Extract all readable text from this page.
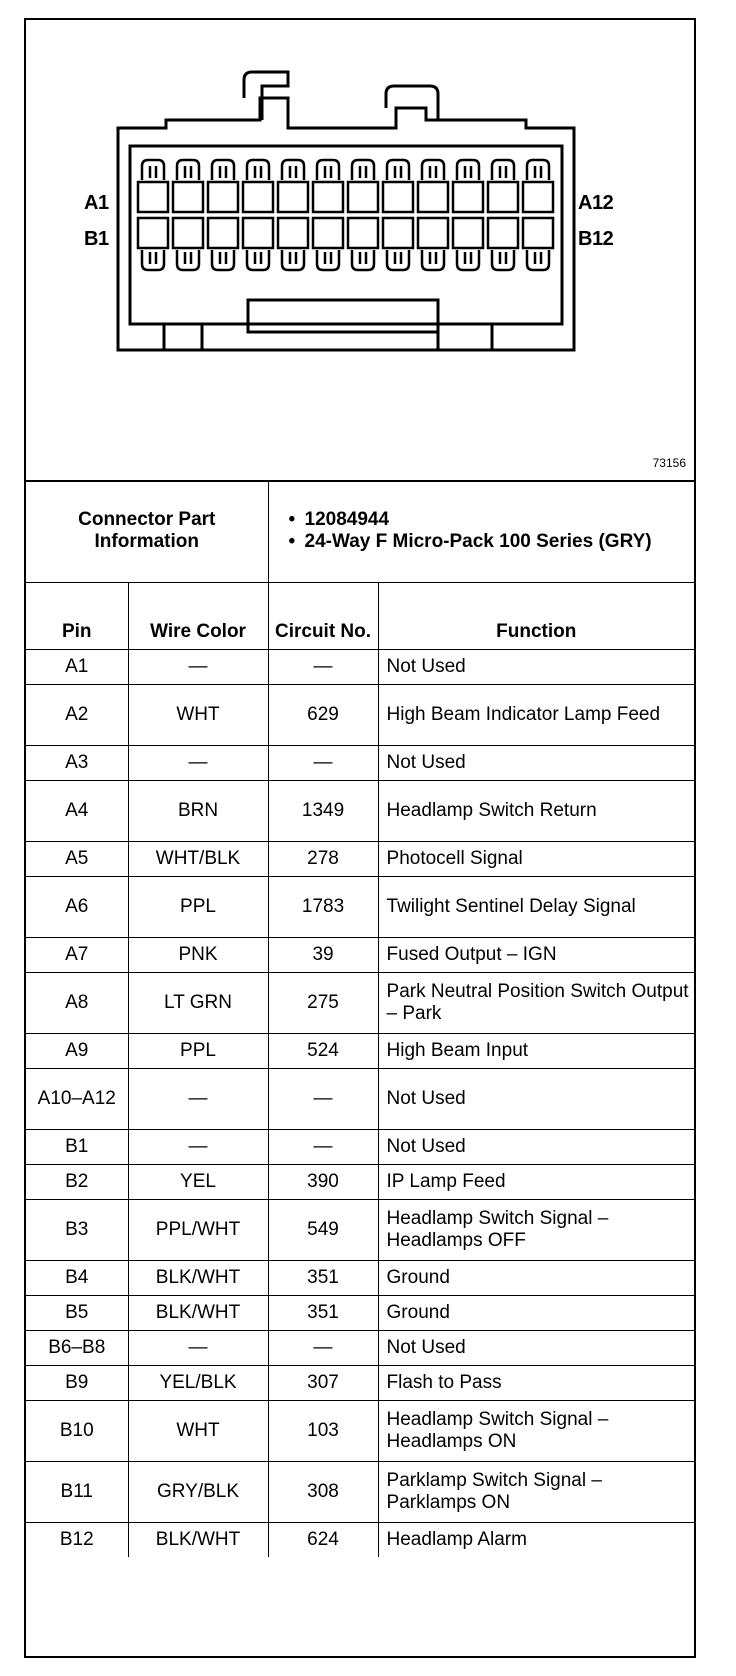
A1
B1
A12
B12
73156
Connector Part Information		• 12084944
• 24-Way F Micro-Pack 100 Series (GRY)

Pin	Wire Color	Circuit No.	Function
A1	—	—	Not Used
A2	WHT	629	High Beam Indicator Lamp Feed
A3	—	—	Not Used
A4	BRN	1349	Headlamp Switch Return
A5	WHT/BLK	278	Photocell Signal
A6	PPL	1783	Twilight Sentinel Delay Signal
A7	PNK	39	Fused Output – IGN
A8	LT GRN	275	Park Neutral Position Switch Output – Park
A9	PPL	524	High Beam Input
A10–A12	—	—	Not Used
B1	—	—	Not Used
B2	YEL	390	IP Lamp Feed
B3	PPL/WHT	549	Headlamp Switch Signal – Headlamps OFF
B4	BLK/WHT	351	Ground
B5	BLK/WHT	351	Ground
B6–B8	—	—	Not Used
B9	YEL/BLK	307	Flash to Pass
B10	WHT	103	Headlamp Switch Signal – Headlamps ON
B11	GRY/BLK	308	Parklamp Switch Signal – Parklamps ON
B12	BLK/WHT	624	Headlamp Alarm
